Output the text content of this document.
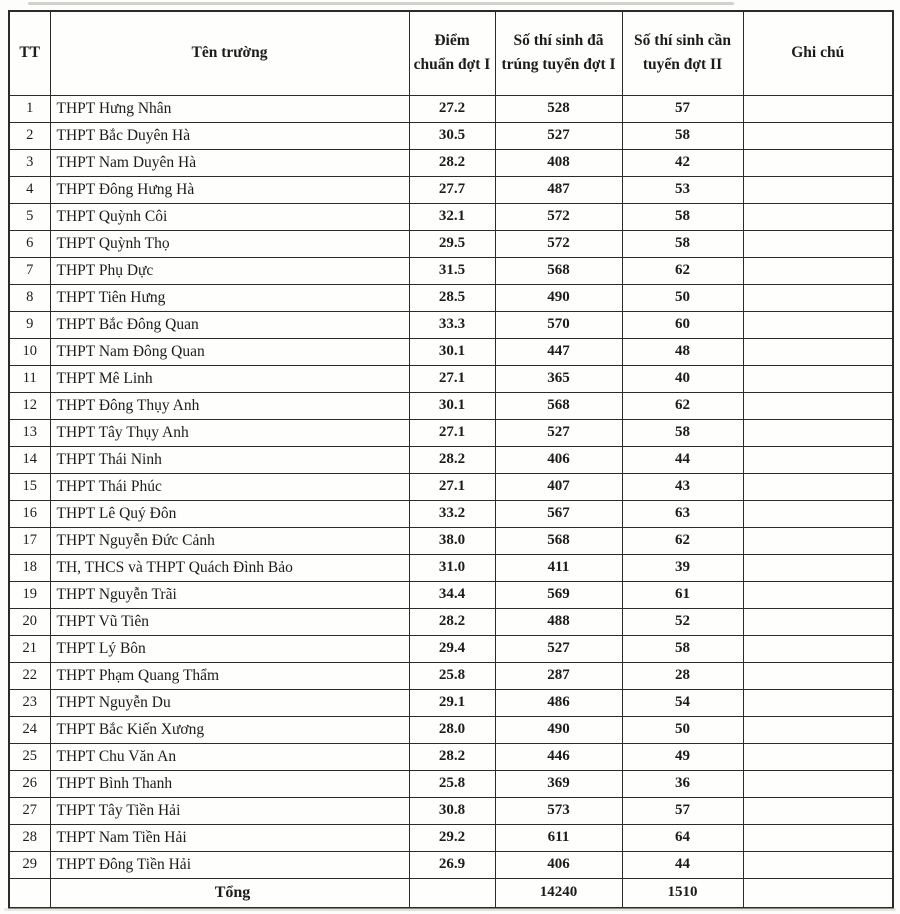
TT	Tên trường	Điểm chuẩn đợt I	Số thí sinh đã trúng tuyển đợt I	Số thí sinh cần tuyển đợt II	Ghi chú
1	THPT Hưng Nhân	27.2	528	57	
2	THPT Bắc Duyên Hà	30.5	527	58	
3	THPT Nam Duyên Hà	28.2	408	42	
4	THPT Đông Hưng Hà	27.7	487	53	
5	THPT Quỳnh Côi	32.1	572	58	
6	THPT Quỳnh Thọ	29.5	572	58	
7	THPT Phụ Dực	31.5	568	62	
8	THPT Tiên Hưng	28.5	490	50	
9	THPT Bắc Đông Quan	33.3	570	60	
10	THPT Nam Đông Quan	30.1	447	48	
11	THPT Mê Linh	27.1	365	40	
12	THPT Đông Thụy Anh	30.1	568	62	
13	THPT Tây Thụy Anh	27.1	527	58	
14	THPT Thái Ninh	28.2	406	44	
15	THPT Thái Phúc	27.1	407	43	
16	THPT Lê Quý Đôn	33.2	567	63	
17	THPT Nguyễn Đức Cảnh	38.0	568	62	
18	TH, THCS và THPT Quách Đình Bảo	31.0	411	39	
19	THPT Nguyễn Trãi	34.4	569	61	
20	THPT Vũ Tiên	28.2	488	52	
21	THPT Lý Bôn	29.4	527	58	
22	THPT Phạm Quang Thẩm	25.8	287	28	
23	THPT Nguyễn Du	29.1	486	54	
24	THPT Bắc Kiến Xương	28.0	490	50	
25	THPT Chu Văn An	28.2	446	49	
26	THPT Bình Thanh	25.8	369	36	
27	THPT Tây Tiền Hải	30.8	573	57	
28	THPT Nam Tiền Hải	29.2	611	64	
29	THPT Đông Tiền Hải	26.9	406	44	
	Tổng		14240	1510	
